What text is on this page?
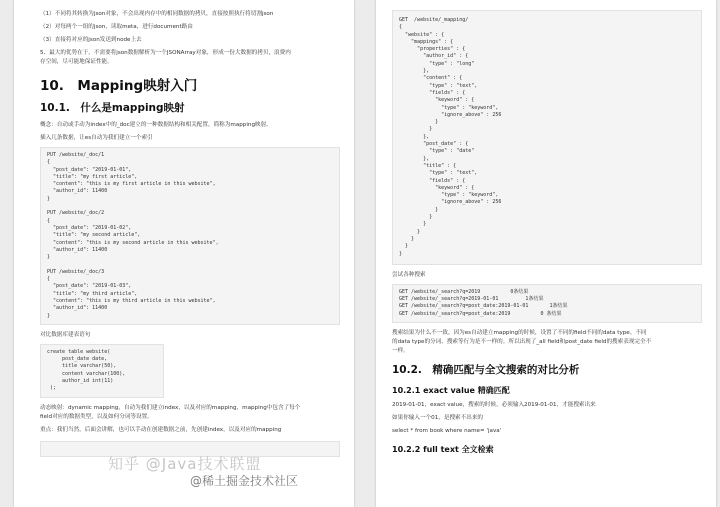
（1）不同将其转换为json对象，不会出现内存中的相同数据的拷贝，直接按照执行将切割json
（2）对每两个一组的json，读取meta，进行document路由
（3）直接将对应的json发送到node上去
5、最大的优势在于，不需要将json数据解析为一个JSONArray对象，形成一份大数据的拷贝，浪费内
存空间，尽可能地保证性能。
10.　Mapping映射入门
10.1.　什么是mapping映射
概念：自动或手动为index中的_doc建立的一种数据结构和相关配置，简称为mapping映射。
插入几条数据，让es自动为我们建立一个索引
PUT /website/_doc/1
{
"post_date": "2019-01-01",
"title": "my first article",
"content": "this is my first article in this website",
"author_id": 11400
}
PUT /website/_doc/2
{
"post_date": "2019-01-02",
"title": "my second article",
"content": "this is my second article in this website",
"author_id": 11400
}
PUT /website/_doc/3
{
"post_date": "2019-01-03",
"title": "my third article",
"content": "this is my third article in this website",
"author_id": 11400
}
对比数据库建表语句
create table website(
post_date date,
title varchar(50),
content varchar(100),
author_id int(11)
);
动态映射：dynamic mapping，自动为我们建立index，以及对应的mapping，mapping中包含了每个
field对应的数据类型，以及如何分词等设置。
重点：我们当然，后面会讲解，也可以手动在创建数据之前，先创建index，以及对应的mapping
GET  /website/_mapping/
{
"website" : {
"mappings" : {
"properties" : {
"author_id" : {
"type" : "long"
},
"content" : {
"type" : "text",
"fields" : {
"keyword" : {
"type" : "keyword",
"ignore_above" : 256
}
}
},
"post_date" : {
"type" : "date"
},
"title" : {
"type" : "text",
"fields" : {
"keyword" : {
"type" : "keyword",
"ignore_above" : 256
}
}
}
}
}
}
}
尝试各种搜索
GET /website/_search?q=2019          0条结果
GET /website/_search?q=2019-01-01         1条结果
GET /website/_search?q=post_date:2019-01-01       1条结果
GET /website/_search?q=post_date:2019          0 条结果
搜索结果为什么不一致，因为es自动建立mapping的时候，设置了不同的field不同的data type。不同
的data type的分词、搜索等行为是不一样的。所以出现了_all field和post_date field的搜索表现完全不
一样。
10.2.　精确匹配与全文搜索的对比分析
10.2.1 exact value 精确匹配
2019-01-01，exact value，搜索的时候，必须输入2019-01-01，才能搜索出来
如果你输入一个01，是搜索不出来的
select * from book where name= 'java'
10.2.2 full text 全文检索
知乎 @Java技术联盟
@稀土掘金技术社区
